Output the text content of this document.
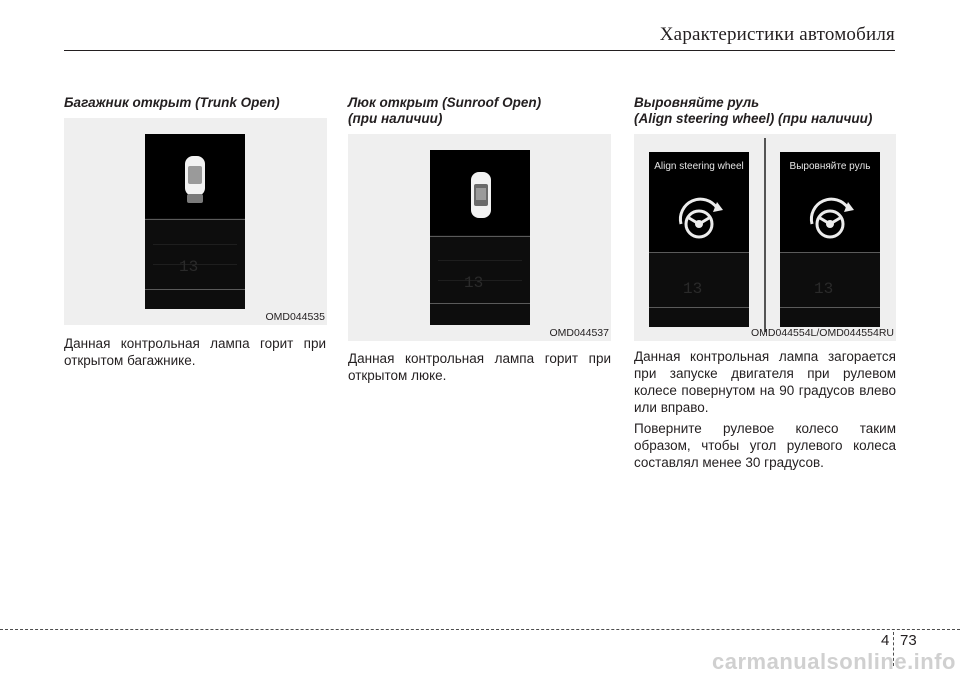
Характеристики автомобиля
Багажник открыт (Trunk Open)
13
OMD044535

Данная контрольная лампа горит при открытом багажнике.

Люк открыт (Sunroof Open)
(при наличии)
13
OMD044537

Данная контрольная лампа горит при открытом люке.

Выровняйте руль
(Align steering wheel) (при наличии)
Align steering wheel
13
Выровняйте руль
13
OMD044554L/OMD044554RU

Данная контрольная лампа загорается при запуске двигателя при рулевом колесе повернутом на 90 градусов влево или вправо.

Поверните рулевое колесо таким образом, чтобы угол рулевого колеса составлял менее 30 градусов.

4 73
carmanualsonline.info
